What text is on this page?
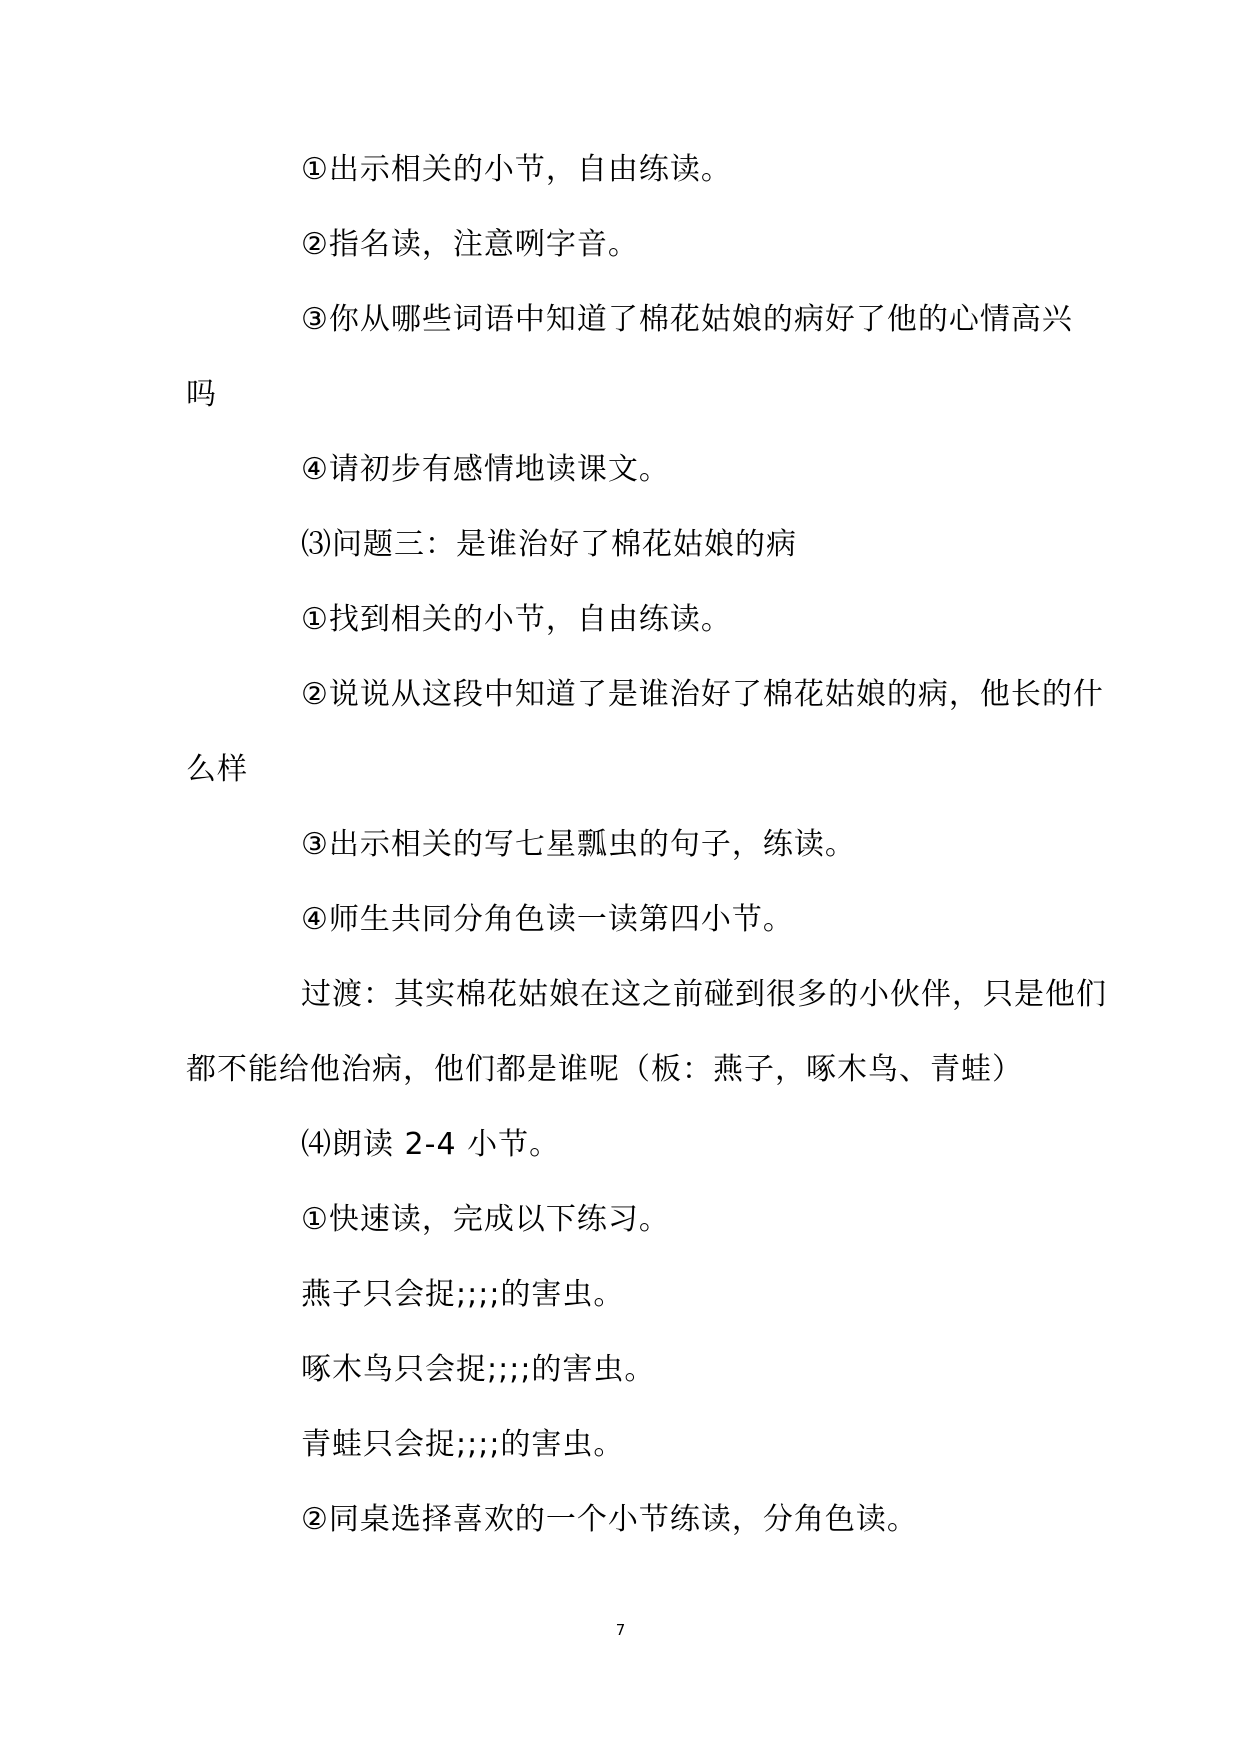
①出示相关的小节，自由练读。
②指名读，注意咧字音。
③你从哪些词语中知道了棉花姑娘的病好了他的心情高兴
吗
④请初步有感情地读课文。
⑶问题三：是谁治好了棉花姑娘的病
①找到相关的小节，自由练读。
②说说从这段中知道了是谁治好了棉花姑娘的病，他长的什
么样
③出示相关的写七星瓢虫的句子，练读。
④师生共同分角色读一读第四小节。
过渡：其实棉花姑娘在这之前碰到很多的小伙伴，只是他们
都不能给他治病，他们都是谁呢（板：燕子，啄木鸟、青蛙）
⑷朗读 2-4 小节。
①快速读，完成以下练习。
燕子只会捉;;;;的害虫。
啄木鸟只会捉;;;;的害虫。
青蛙只会捉;;;;的害虫。
②同桌选择喜欢的一个小节练读，分角色读。
7
